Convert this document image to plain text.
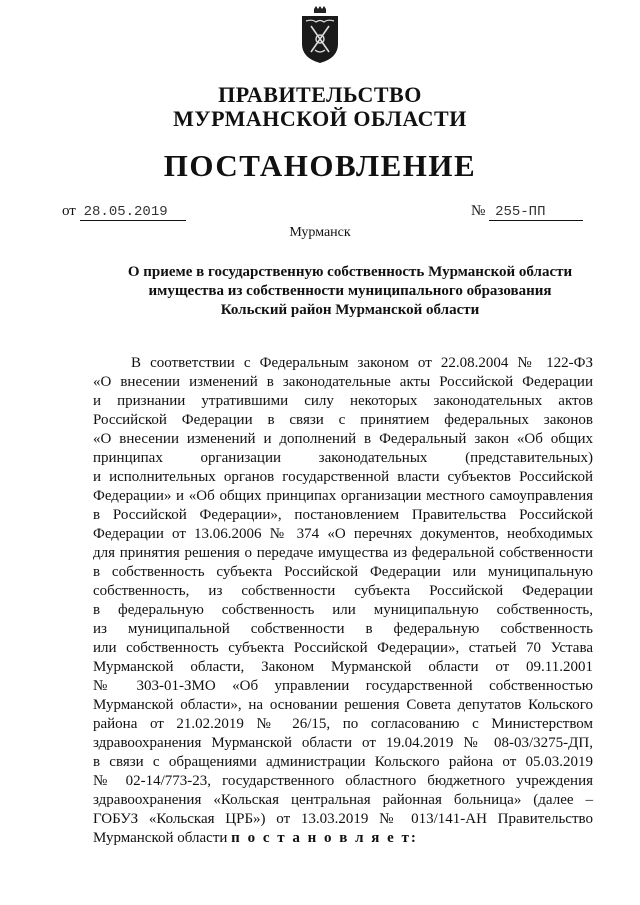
ПРАВИТЕЛЬСТВО
МУРМАНСКОЙ ОБЛАСТИ
ПОСТАНОВЛЕНИЕ
от 28.05.2019	№ 255-ПП
Мурманск
О приеме в государственную собственность Мурманской области
имущества из собственности муниципального образования
Кольский район Мурманской области
В соответствии с Федеральным законом от 22.08.2004 № 122-ФЗ
«О внесении изменений в законодательные акты Российской Федерации
и признании утратившими силу некоторых законодательных актов
Российской Федерации в связи с принятием федеральных законов
«О внесении изменений и дополнений в Федеральный закон «Об общих
принципах организации законодательных (представительных)
и исполнительных органов государственной власти субъектов Российской
Федерации» и «Об общих принципах организации местного самоуправления
в Российской Федерации», постановлением Правительства Российской
Федерации от 13.06.2006 № 374 «О перечнях документов, необходимых
для принятия решения о передаче имущества из федеральной собственности
в собственность субъекта Российской Федерации или муниципальную
собственность, из собственности субъекта Российской Федерации
в федеральную собственность или муниципальную собственность,
из муниципальной собственности в федеральную собственность
или собственность субъекта Российской Федерации», статьей 70 Устава
Мурманской области, Законом Мурманской области от 09.11.2001
№ 303-01-ЗМО «Об управлении государственной собственностью
Мурманской области», на основании решения Совета депутатов Кольского
района от 21.02.2019 № 26/15, по согласованию с Министерством
здравоохранения Мурманской области от 19.04.2019 № 08-03/3275-ДП,
в связи с обращениями администрации Кольского района от 05.03.2019
№ 02-14/773-23, государственного областного бюджетного учреждения
здравоохранения «Кольская центральная районная больница» (далее –
ГОБУЗ «Кольская ЦРБ») от 13.03.2019 № 013/141-АН Правительство
Мурманской области п о с т а н о в л я е т:
